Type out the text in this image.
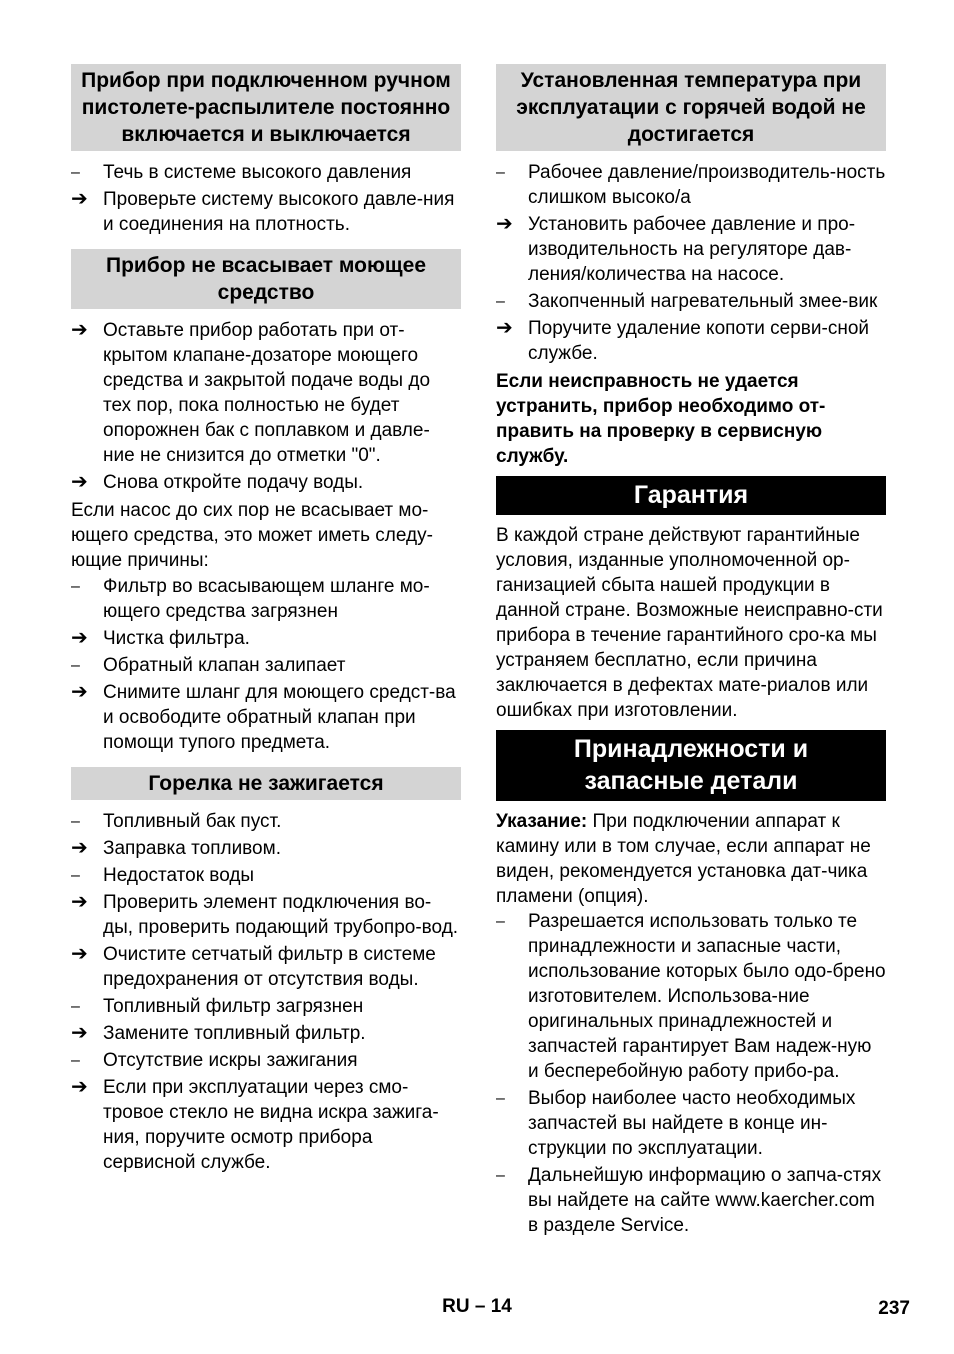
Прибор при подключенном ручном пистолете-распылителе постоянно включается и выключается
–	Течь в системе высокого давления
➔ Проверьте систему высокого давле-ния и соединения на плотность.
Прибор не всасывает моющее средство
➔ Оставьте прибор работать при от-крытом клапане-дозаторе моющего средства и закрытой подаче воды до тех пор, пока полностью не будет опорожнен бак с поплавком и давле-ние не снизится до отметки "0".
➔ Снова откройте подачу воды.

Если насос до сих пор не всасывает мо-ющего средства, это может иметь следу-ющие причины:

–	Фильтр во всасывающем шланге мо-ющего средства загрязнен
➔ Чистка фильтра.
–	Обратный клапан залипает
➔ Снимите шланг для моющего средст-ва и освободите обратный клапан при помощи тупого предмета.
Горелка не зажигается
–	Топливный бак пуст.
➔ Заправка топливом.
–	Недостаток воды
➔ Проверить элемент подключения во-ды, проверить подающий трубопро-вод.
➔ Очистите сетчатый фильтр в системе предохранения от отсутствия воды.
–	Топливный фильтр загрязнен
➔ Замените топливный фильтр.
–	Отсутствие искры зажигания
➔ Если при эксплуатации через смо-тровое стекло не видна искра зажига-ния, поручите осмотр прибора сервисной службе.
Установленная температура при эксплуатации с горячей водой не достигается
–	Рабочее давление/производитель-ность слишком высоко/а
➔ Установить рабочее давление и про-изводительность на регуляторе дав-ления/количества на насосе.
–	Закопченный нагревательный змее-вик
➔ Поручите удаление копоти серви-сной службе.

Если неисправность не удается устранить, прибор необходимо от-править на проверку в сервисную службу.

Гарантия

В каждой стране действуют гарантийные условия, изданные уполномоченной ор-ганизацией сбыта нашей продукции в данной стране. Возможные неисправно-сти прибора в течение гарантийного сро-ка мы устраняем бесплатно, если причина заключается в дефектах мате-риалов или ошибках при изготовлении.

Принадлежности и
запасные детали

Указание: При подключении аппарат к камину или в том случае, если аппарат не виден, рекомендуется установка дат-чика пламени (опция).

–	Разрешается использовать только те принадлежности и запасные части, использование которых было одо-брено изготовителем. Использова-ние оригинальных принадлежностей и запчастей гарантирует Вам надеж-ную и бесперебойную работу прибо-ра.
–	Выбор наиболее часто необходимых запчастей вы найдете в конце ин-струкции по эксплуатации.
–	Дальнейшую информацию о запча-стях вы найдете на сайте www.kaercher.com в разделе Service.
RU – 14	237
